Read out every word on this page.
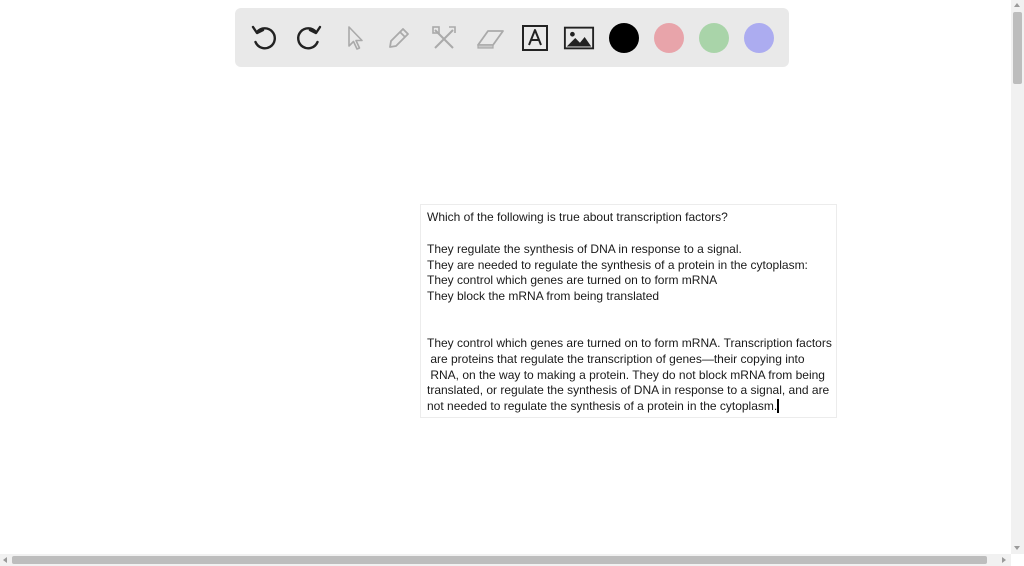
Which of the following is true about transcription factors?
They regulate the synthesis of DNA in response to a signal.
They are needed to regulate the synthesis of a protein in the cytoplasm:
They control which genes are turned on to form mRNA
They block the mRNA from being translated
They control which genes are turned on to form mRNA. Transcription factors
are proteins that regulate the transcription of genes—their copying into
RNA, on the way to making a protein. They do not block mRNA from being
translated, or regulate the synthesis of DNA in response to a signal, and are
not needed to regulate the synthesis of a protein in the cytoplasm.
